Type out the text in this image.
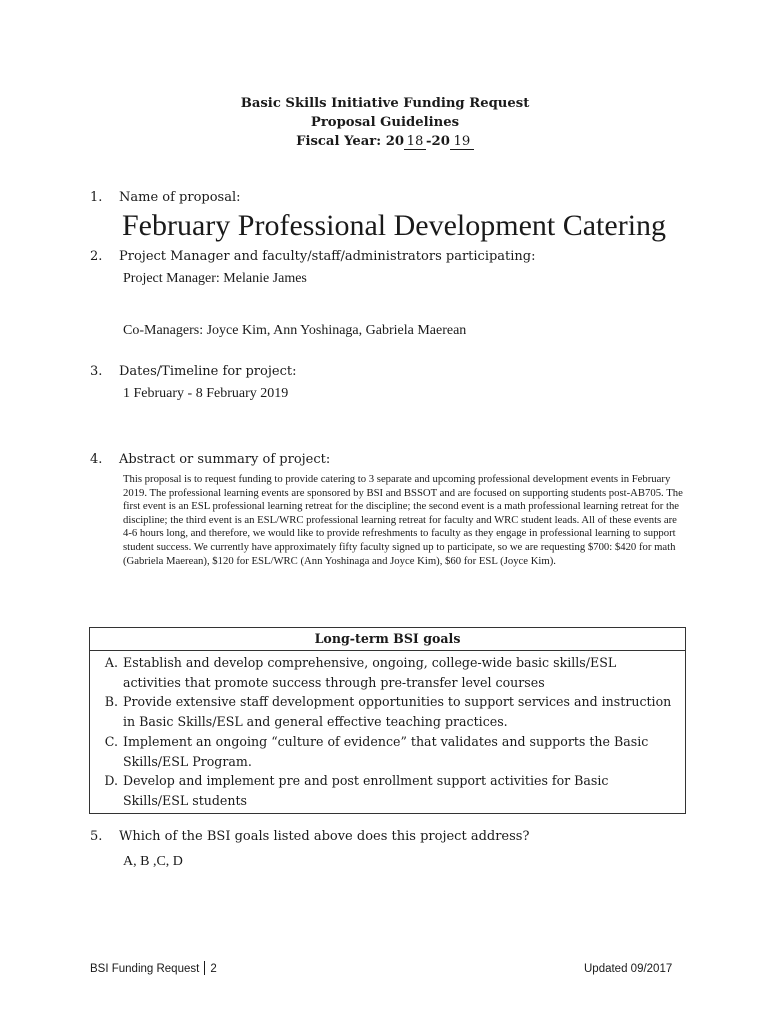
Basic Skills Initiative Funding Request
Proposal Guidelines
Fiscal Year: 20 18 -20 19
1. Name of proposal:
February Professional Development Catering
2. Project Manager and faculty/staff/administrators participating:
Project Manager: Melanie James
Co-Managers: Joyce Kim, Ann Yoshinaga, Gabriela Maerean
3. Dates/Timeline for project:
1 February - 8 February 2019
4. Abstract or summary of project:
This proposal is to request funding to provide catering to 3 separate and upcoming professional development events in February 2019. The professional learning events are sponsored by BSI and BSSOT and are focused on supporting students post-AB705. The first event is an ESL professional learning retreat for the discipline; the second event is a math professional learning retreat for the discipline; the third event is an ESL/WRC professional learning retreat for faculty and WRC student leads. All of these events are 4-6 hours long, and therefore, we would like to provide refreshments to faculty as they engage in professional learning to support student success. We currently have approximately fifty faculty signed up to participate, so we are requesting $700: $420 for math (Gabriela Maerean), $120 for ESL/WRC (Ann Yoshinaga and Joyce Kim), $60 for ESL (Joyce Kim).
Long-term BSI goals
A. Establish and develop comprehensive, ongoing, college-wide basic skills/ESL activities that promote success through pre-transfer level courses
B. Provide extensive staff development opportunities to support services and instruction in Basic Skills/ESL and general effective teaching practices.
C. Implement an ongoing “culture of evidence” that validates and supports the Basic Skills/ESL Program.
D. Develop and implement pre and post enrollment support activities for Basic Skills/ESL students
5. Which of the BSI goals listed above does this project address?
A, B ,C, D
BSI Funding Request 2	Updated 09/2017
